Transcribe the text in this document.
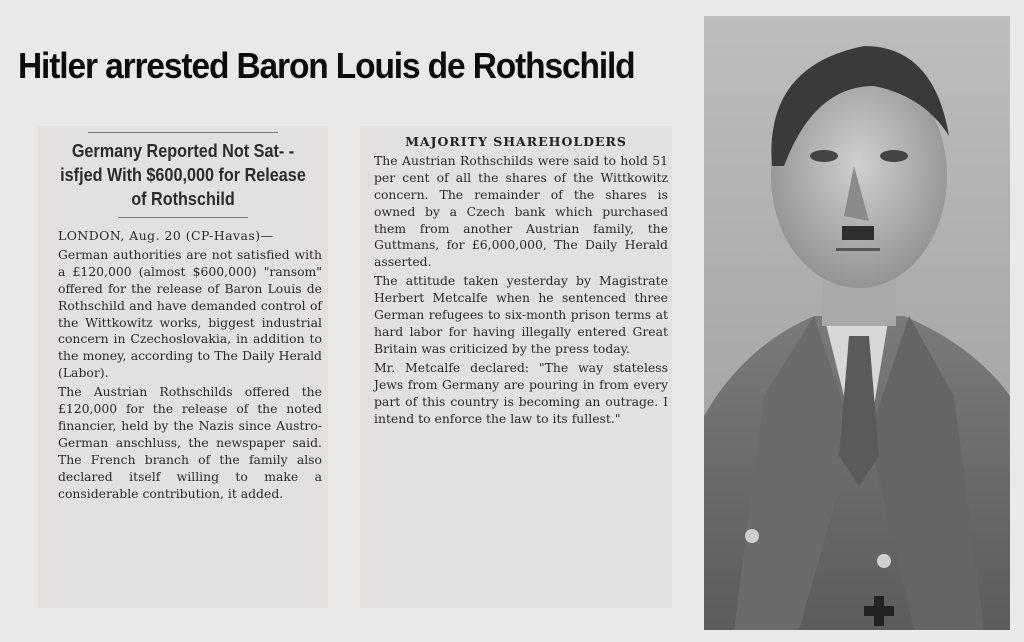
Hitler arrested Baron Louis de Rothschild
Germany Reported Not Sat- - isfjed With $600,000 for Release of Rothschild

LONDON, Aug. 20 (CP-Havas)—

German authorities are not satisfied with a £120,000 (almost $600,000) "ransom" offered for the release of Baron Louis de Rothschild and have demanded control of the Wittkowitz works, biggest industrial concern in Czechoslovakia, in addition to the money, according to The Daily Herald (Labor).

The Austrian Rothschilds offered the £120,000 for the release of the noted financier, held by the Nazis since Austro-German anschluss, the newspaper said. The French branch of the family also declared itself willing to make a considerable contribution, it added.

MAJORITY SHAREHOLDERS

The Austrian Rothschilds were said to hold 51 per cent of all the shares of the Wittkowitz concern. The remainder of the shares is owned by a Czech bank which purchased them from another Austrian family, the Guttmans, for £6,000,000, The Daily Herald asserted.

The attitude taken yesterday by Magistrate Herbert Metcalfe when he sentenced three German refugees to six-month prison terms at hard labor for having illegally entered Great Britain was criticized by the press today.

Mr. Metcalfe declared: "The way stateless Jews from Germany are pouring in from every part of this country is becoming an outrage. I intend to enforce the law to its fullest."
